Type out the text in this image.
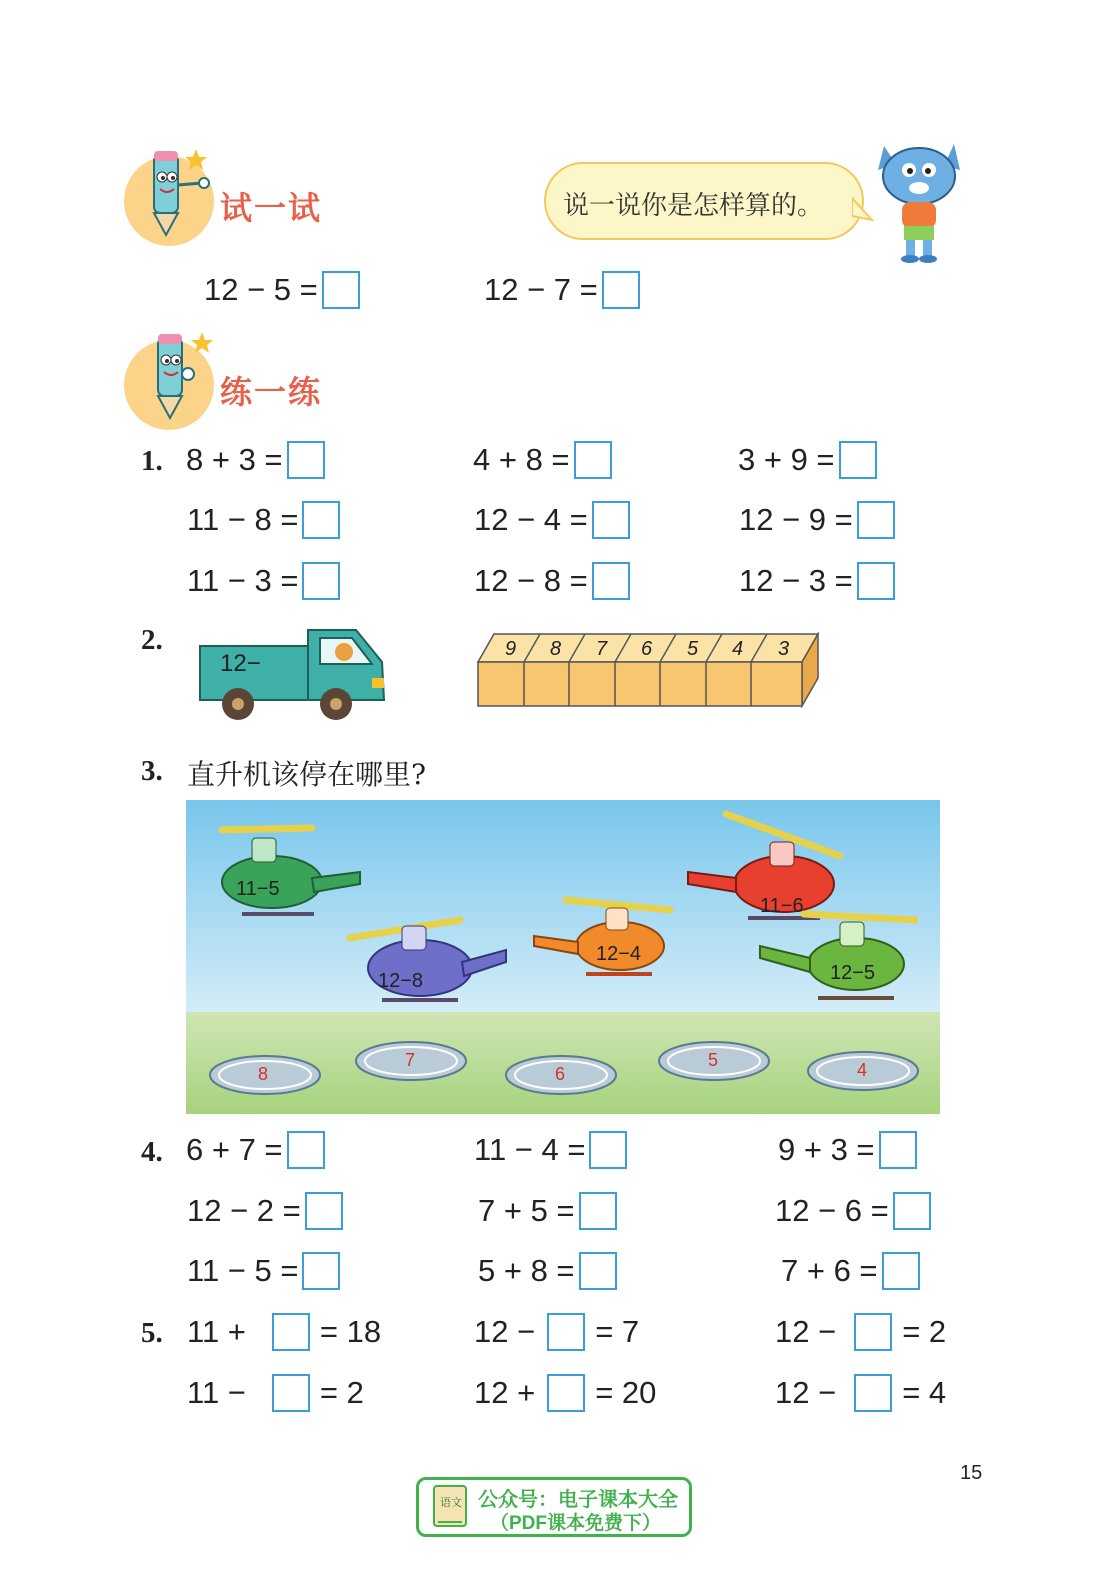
试一试	说一说你是怎样算的。
12 − 5 =	12 − 7 =
练一练
1. 8 + 3 =	4 + 8 =	3 + 9 =
11 − 8 =	12 − 4 =	12 − 9 =
11 − 3 =	12 − 8 =	12 − 3 =
2.
12−
9 8 7 6 5 4 3
3. 直升机该停在哪里?
11−5
12−8
12−4
11−6
12−5
8
7
6
5	4
4. 6 + 7 =	11 − 4 =	9 + 3 =
12 − 2 =	7 + 5 =	12 − 6 =
11 − 5 =	5 + 8 =	7 + 6 =
5. 11 + = 18	12 − = 7	12 − = 2
11 − = 2	12 + = 20	12 − = 4
15
语文 公众号：电子课本大全
（PDF课本免费下）
